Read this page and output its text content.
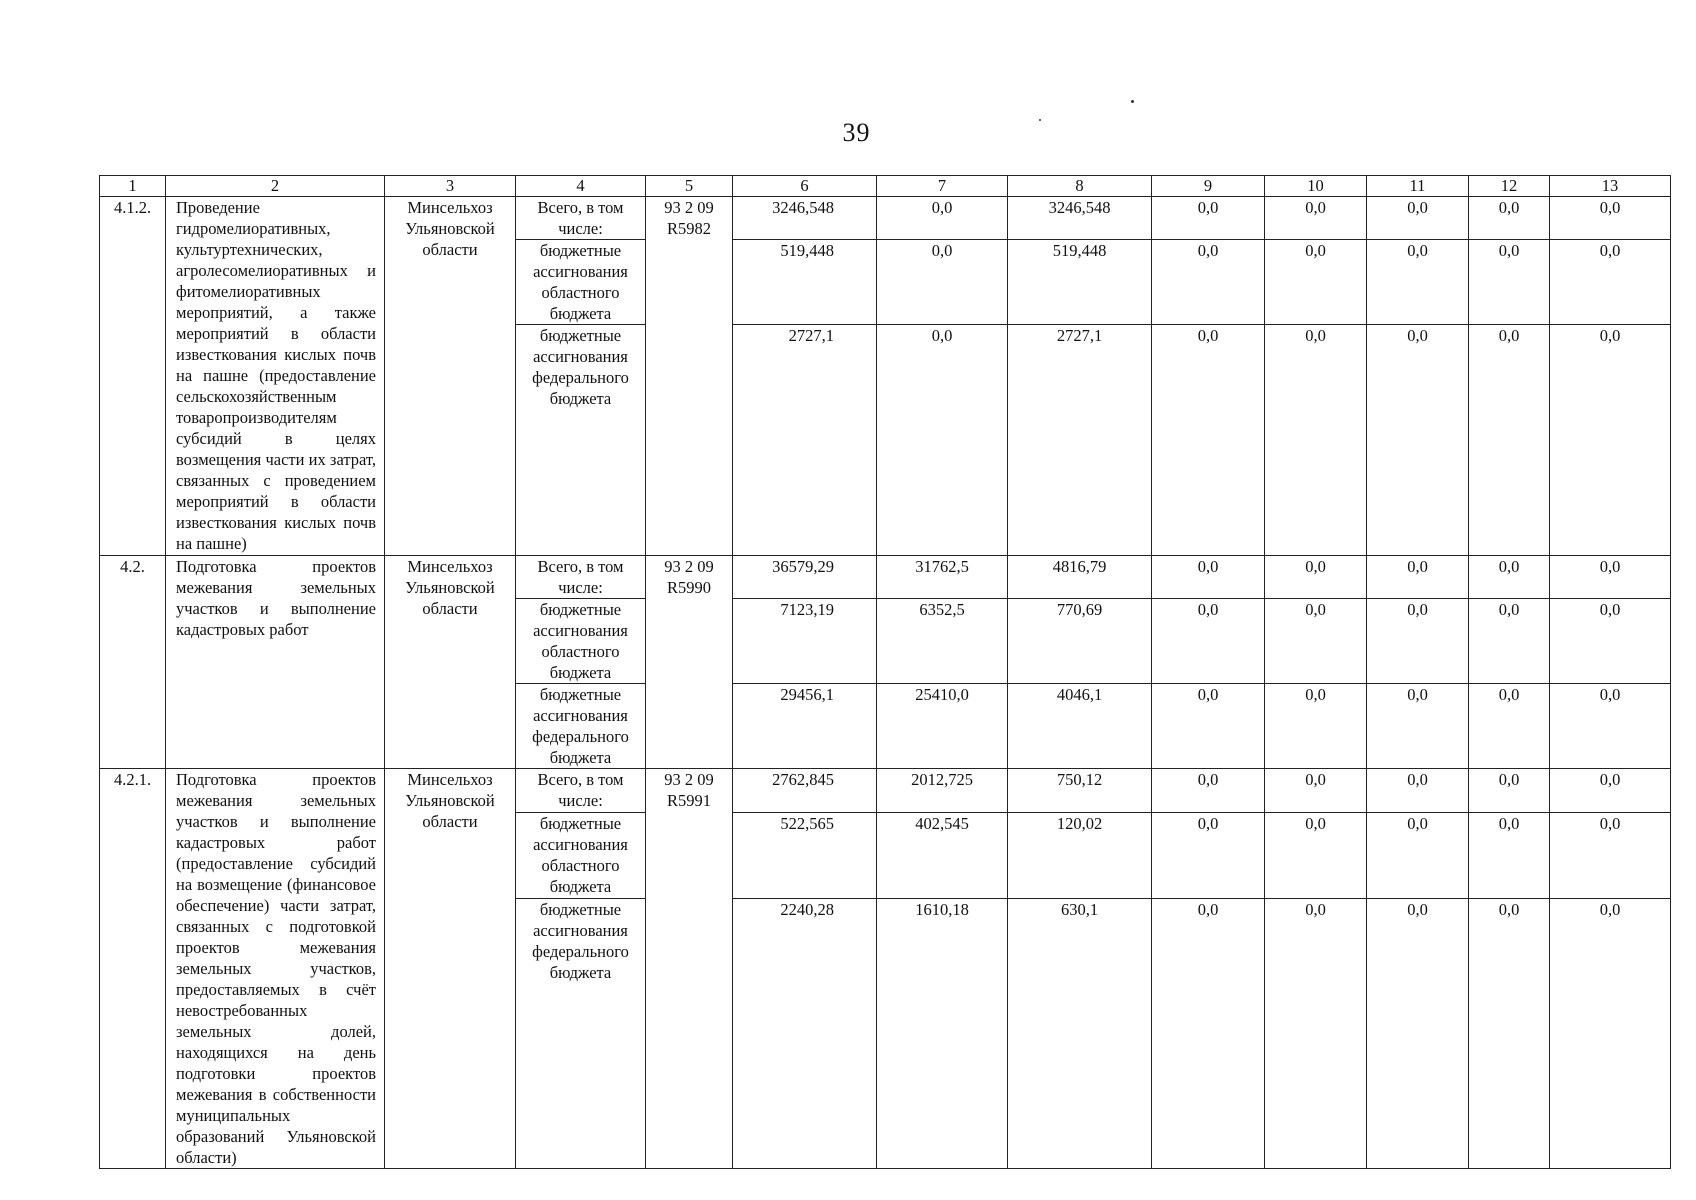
39
1	2	3	4	5	6	7	8	9	10	11	12	13
4.1.2.	Проведение гидромелиоративных, культуртехнических, агролесомелиоративных и фитомелиоративных мероприятий, а также мероприятий в области известкования кислых почв на пашне (предоставление сельскохозяйственным товаропроизводителям субсидий в целях возмещения части их затрат, связанных с проведением мероприятий в области известкования кислых почв на пашне)	Минсельхоз Ульяновской области	Всего, в том числе:	93 2 09 R5982	3246,548	0,0	3246,548	0,0	0,0	0,0	0,0	0,0
			бюджетные ассигнования областного бюджета		519,448	0,0	519,448	0,0	0,0	0,0	0,0	0,0
			бюджетные ассигнования федерального бюджета		2727,1	0,0	2727,1	0,0	0,0	0,0	0,0	0,0
4.2.	Подготовка проектов межевания земельных участков и выполнение кадастровых работ	Минсельхоз Ульяновской области	Всего, в том числе:	93 2 09 R5990	36579,29	31762,5	4816,79	0,0	0,0	0,0	0,0	0,0
			бюджетные ассигнования областного бюджета		7123,19	6352,5	770,69	0,0	0,0	0,0	0,0	0,0
			бюджетные ассигнования федерального бюджета		29456,1	25410,0	4046,1	0,0	0,0	0,0	0,0	0,0
4.2.1.	Подготовка проектов межевания земельных участков и выполнение кадастровых работ (предоставление субсидий на возмещение (финансовое обеспечение) части затрат, связанных с подготовкой проектов межевания земельных участков, предоставляемых в счёт невостребованных земельных долей, находящихся на день подготовки проектов межевания в собственности муниципальных образований Ульяновской области)	Минсельхоз Ульяновской области	Всего, в том числе:	93 2 09 R5991	2762,845	2012,725	750,12	0,0	0,0	0,0	0,0	0,0
			бюджетные ассигнования областного бюджета		522,565	402,545	120,02	0,0	0,0	0,0	0,0	0,0
			бюджетные ассигнования федерального бюджета		2240,28	1610,18	630,1	0,0	0,0	0,0	0,0	0,0
